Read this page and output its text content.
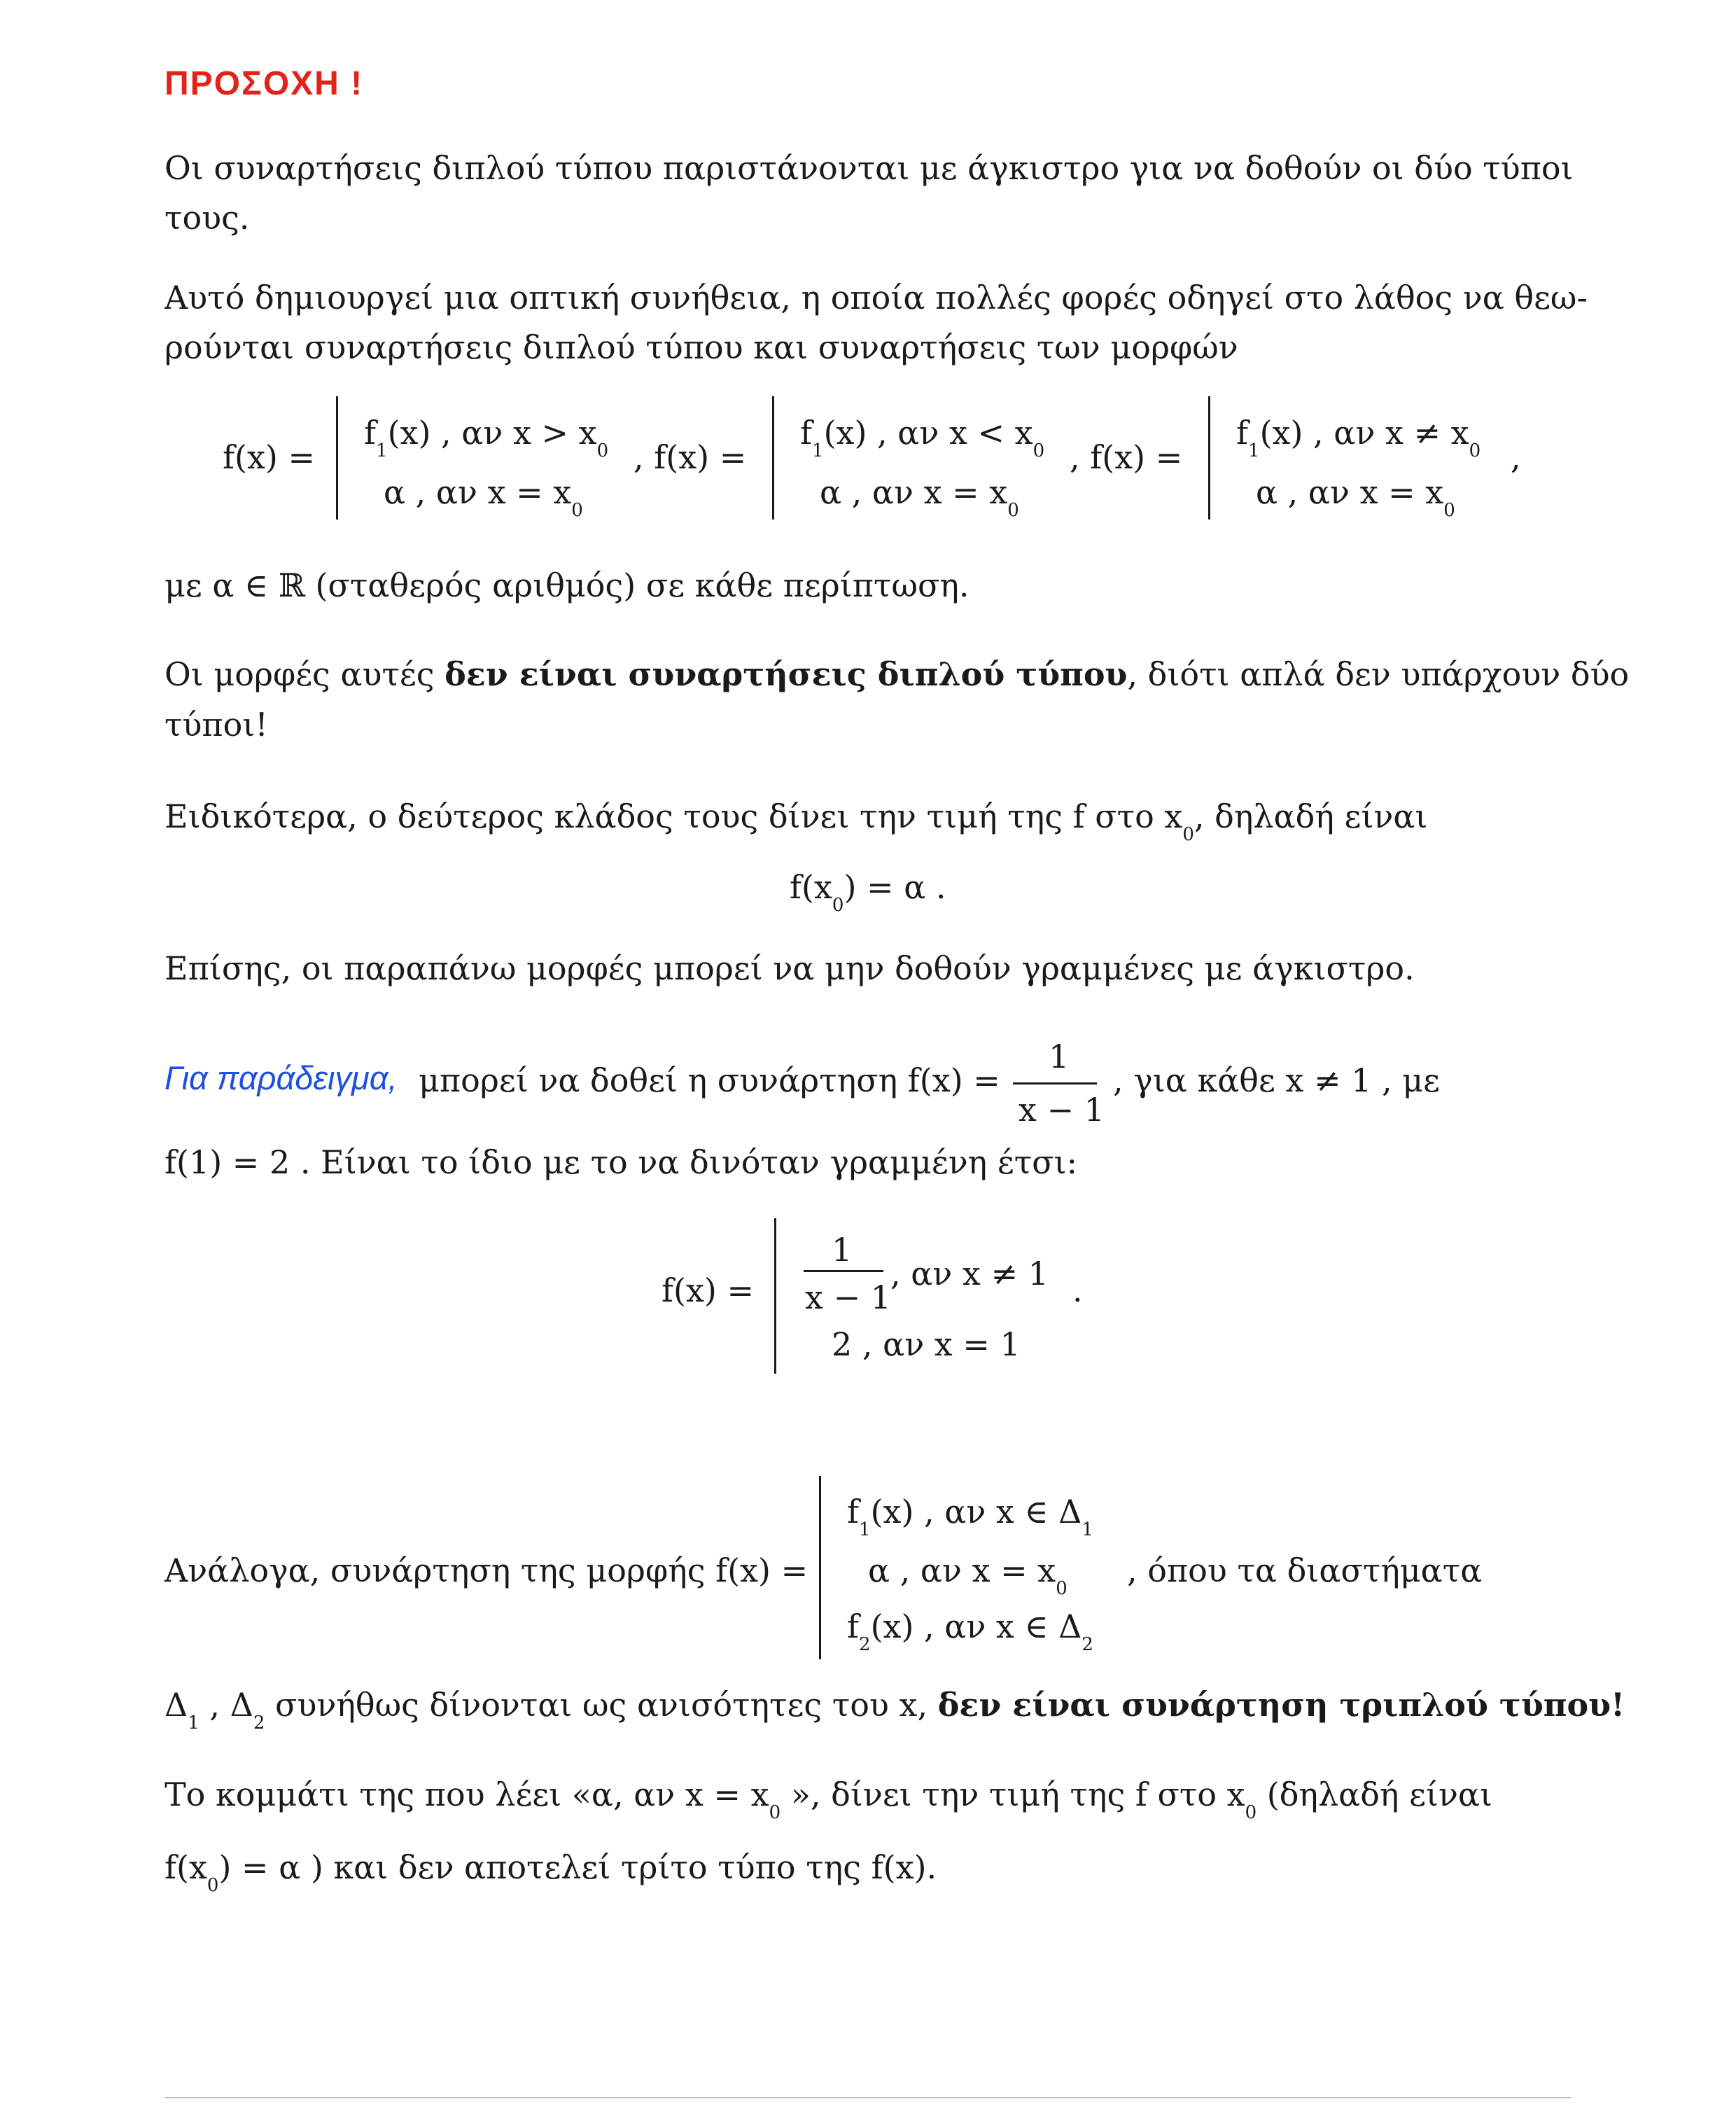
ΠΡΟΣΟΧΗ !
Οι συναρτήσεις διπλού τύπου παριστάνονται με άγκιστρο για να δοθούν οι δύο τύποι
τους.
Αυτό δημιουργεί μια οπτική συνήθεια, η οποία πολλές φορές οδηγεί στο λάθος να θεω-
ρούνται συναρτήσεις διπλού τύπου και συναρτήσεις των μορφών
f(x) =
$f_1(x)$ , αν $x > x_0$
α , αν $x = x_0$
, f(x) =
$f_1(x)$ , αν $x < x_0$
α , αν $x = x_0$
, f(x) =
$f_1(x)$ , αν $x \ne x_0$
α , αν $x = x_0$
,
με α ∈ ℝ (σταθερός αριθμός) σε κάθε περίπτωση.
Οι μορφές αυτές δεν είναι συναρτήσεις διπλού τύπου, διότι απλά δεν υπάρχουν δύο
τύποι!
Ειδικότερα, ο δεύτερος κλάδος τους δίνει την τιμή της f στο $x_0$, δηλαδή είναι
$f(x_0) = \alpha$ .
Επίσης, οι παραπάνω μορφές μπορεί να μην δοθούν γραμμένες με άγκιστρο.
Για παράδειγμα, μπορεί να δοθεί η συνάρτηση f(x) =
1
x − 1
, για κάθε x ≠ 1 , με
f(1) = 2 . Είναι το ίδιο με το να δινόταν γραμμένη έτσι:
f(x) =
1
x − 1
, αν x ≠ 1
2 , αν x = 1
.
Ανάλογα, συνάρτηση της μορφής f(x) =
$f_1(x)$ , αν x ∈ $\Delta_1$
α , αν $x = x_0$
$f_2(x)$ , αν x ∈ $\Delta_2$
, όπου τα διαστήματα
$\Delta_1$ , $\Delta_2$ συνήθως δίνονται ως ανισότητες του x, δεν είναι συνάρτηση τριπλού τύπου!
Το κομμάτι της που λέει «α, αν $x = x_0$ », δίνει την τιμή της f στο $x_0$ (δηλαδή είναι
$f(x_0) = \alpha$ ) και δεν αποτελεί τρίτο τύπο της f(x).
